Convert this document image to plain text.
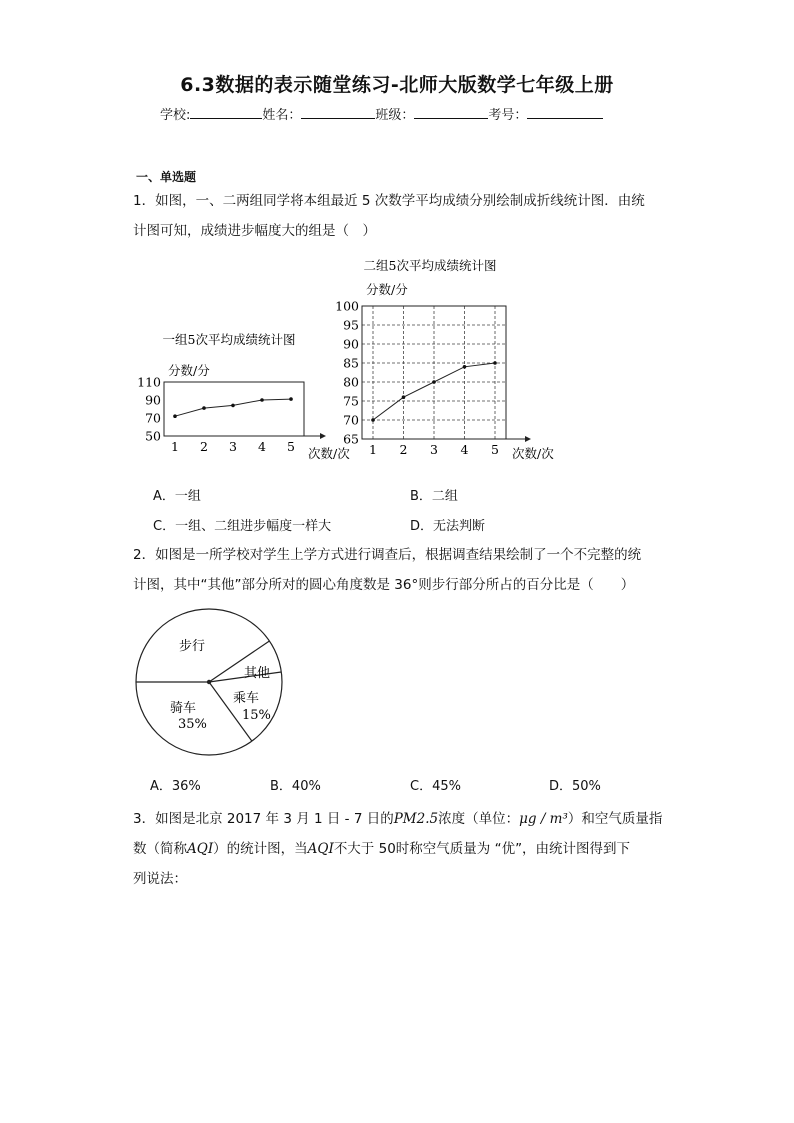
6.3数据的表示随堂练习-北师大版数学七年级上册
学校:	姓名：	班级：	考号：
一、单选题
1．如图，一、二两组同学将本组最近 5 次数学平均成绩分别绘制成折线统计图．由统
计图可知，成绩进步幅度大的组是（　）
一组5次平均成绩统计图
分数/分
50
70
90
110
1 2 3 4 5 次数/次
二组5次平均成绩统计图
分数/分
65
70
75
80
85
90
95
100
1 2 3 4 5 次数/次
A．一组	B．二组
C．一组、二组进步幅度一样大	D．无法判断
2．如图是一所学校对学生上学方式进行调查后，根据调查结果绘制了一个不完整的统
计图，其中“其他”部分所对的圆心角度数是 36°则步行部分所占的百分比是（　　）
步行
其他
乘车
15%
骑车
35%
A．36%	B．40%	C．45%	D．50%
3．如图是北京 2017 年 3 月 1 日 - 7 日的PM2.5浓度（单位：μg / m³）和空气质量指
数（简称AQI）的统计图，当AQI不大于 50时称空气质量为 “优”，由统计图得到下
列说法：
